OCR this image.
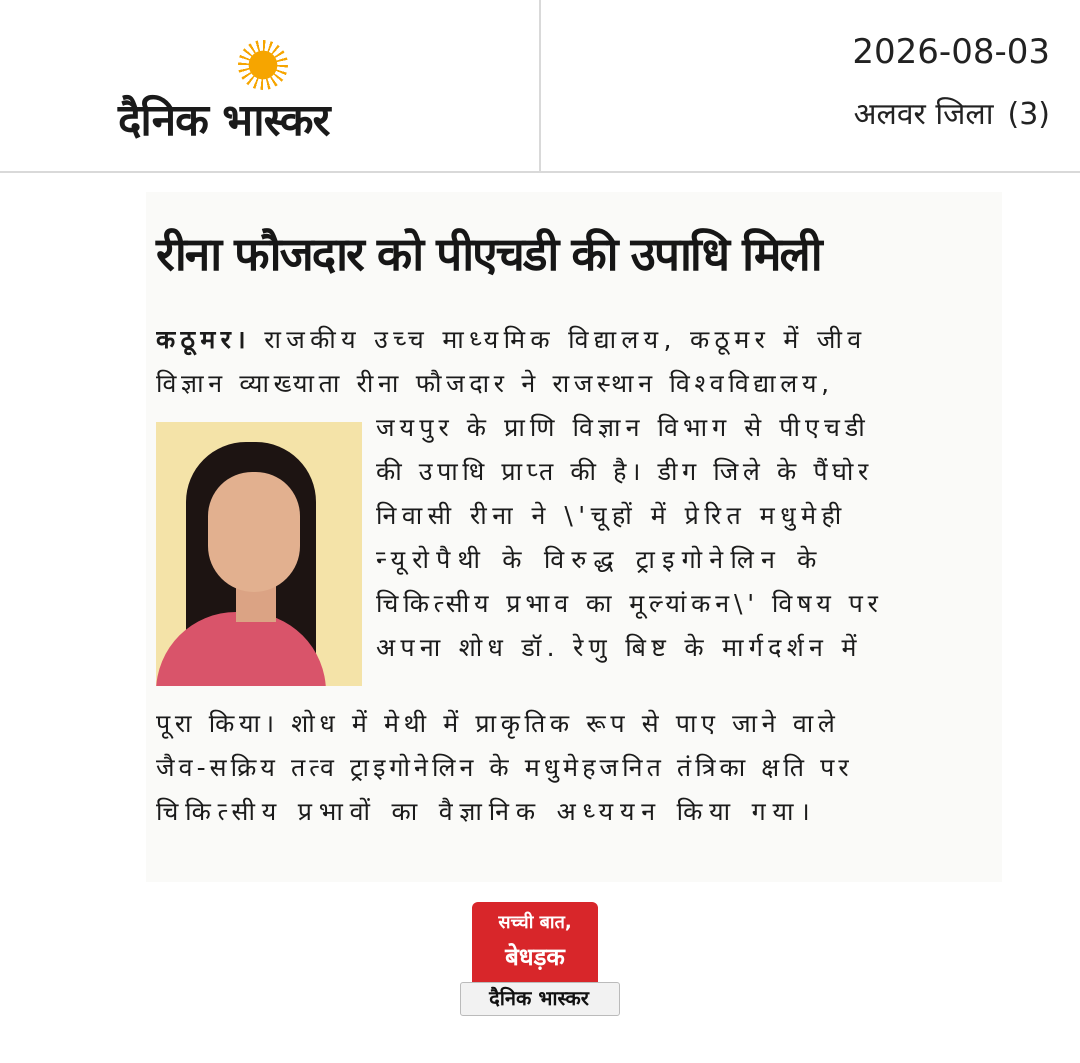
दैनिक भास्कर
2026-08-03
अलवर जिला (3)
रीना फौजदार को पीएचडी की उपाधि मिली
कठूमर। राजकीय उच्च माध्यमिक विद्यालय, कठूमर में जीव
विज्ञान व्याख्याता रीना फौजदार ने राजस्थान विश्वविद्यालय,
जयपुर के प्राणि विज्ञान विभाग से पीएचडी
की उपाधि प्राप्त की है। डीग जिले के पैंघोर
निवासी रीना ने \'चूहों में प्रेरित मधुमेही
न्यूरोपैथी के विरुद्ध ट्राइगोनेलिन के
चिकित्सीय प्रभाव का मूल्यांकन\' विषय पर
अपना शोध डॉ. रेणु बिष्ट के मार्गदर्शन में
पूरा किया। शोध में मेथी में प्राकृतिक रूप से पाए जाने वाले
जैव-सक्रिय तत्व ट्राइगोनेलिन के मधुमेहजनित तंत्रिका क्षति पर
चिकित्सीय प्रभावों का वैज्ञानिक अध्ययन किया गया।
सच्ची बात,
बेधड़क
दैनिक भास्कर
